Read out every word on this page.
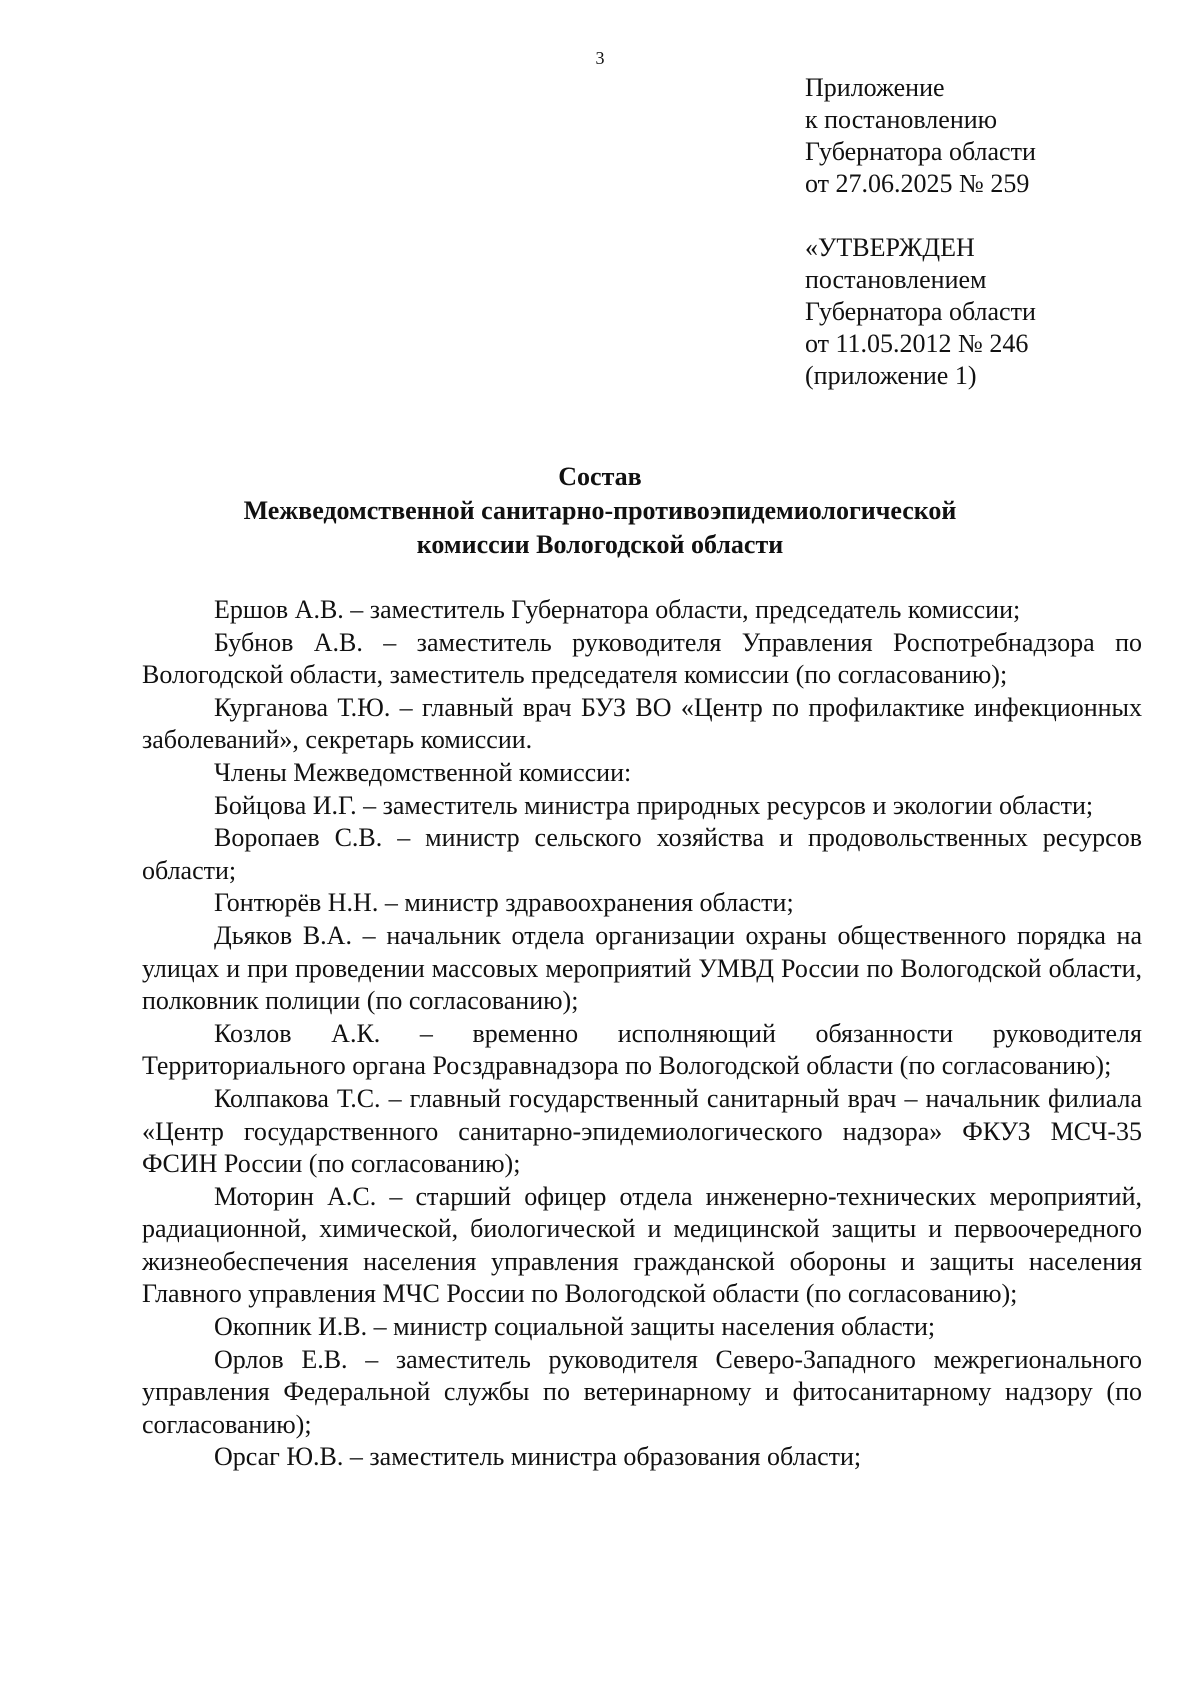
3

Приложение

к постановлению

Губернатора области

от 27.06.2025 № 259

«УТВЕРЖДЕН

постановлением

Губернатора области

от 11.05.2012 № 246

(приложение 1)

Состав

Межведомственной санитарно-противоэпидемиологической

комиссии Вологодской области

Ершов А.В. – заместитель Губернатора области, председатель комиссии;

Бубнов А.В. – заместитель руководителя Управления Роспотребнадзора по Вологодской области, заместитель председателя комиссии (по согласованию);

Курганова Т.Ю. – главный врач БУЗ ВО «Центр по профилактике инфекционных заболеваний», секретарь комиссии.

Члены Межведомственной комиссии:

Бойцова И.Г. – заместитель министра природных ресурсов и экологии области;

Воропаев С.В. – министр сельского хозяйства и продовольственных ресурсов области;

Гонтюрёв Н.Н. – министр здравоохранения области;

Дьяков В.А. – начальник отдела организации охраны общественного порядка на улицах и при проведении массовых мероприятий УМВД России по Вологодской области, полковник полиции (по согласованию);

Козлов А.К. – временно исполняющий обязанности руководителя Территориального органа Росздравнадзора по Вологодской области (по согласованию);

Колпакова Т.С. – главный государственный санитарный врач – начальник филиала «Центр государственного санитарно-эпидемиологического надзора» ФКУЗ МСЧ-35 ФСИН России (по согласованию);

Моторин А.С. – старший офицер отдела инженерно-технических мероприятий, радиационной, химической, биологической и медицинской защиты и первоочередного жизнеобеспечения населения управления гражданской обороны и защиты населения Главного управления МЧС России по Вологодской области (по согласованию);

Окопник И.В. – министр социальной защиты населения области;

Орлов Е.В. – заместитель руководителя Северо-Западного межрегионального управления Федеральной службы по ветеринарному и фитосанитарному надзору (по согласованию);

Орсаг Ю.В. – заместитель министра образования области;
